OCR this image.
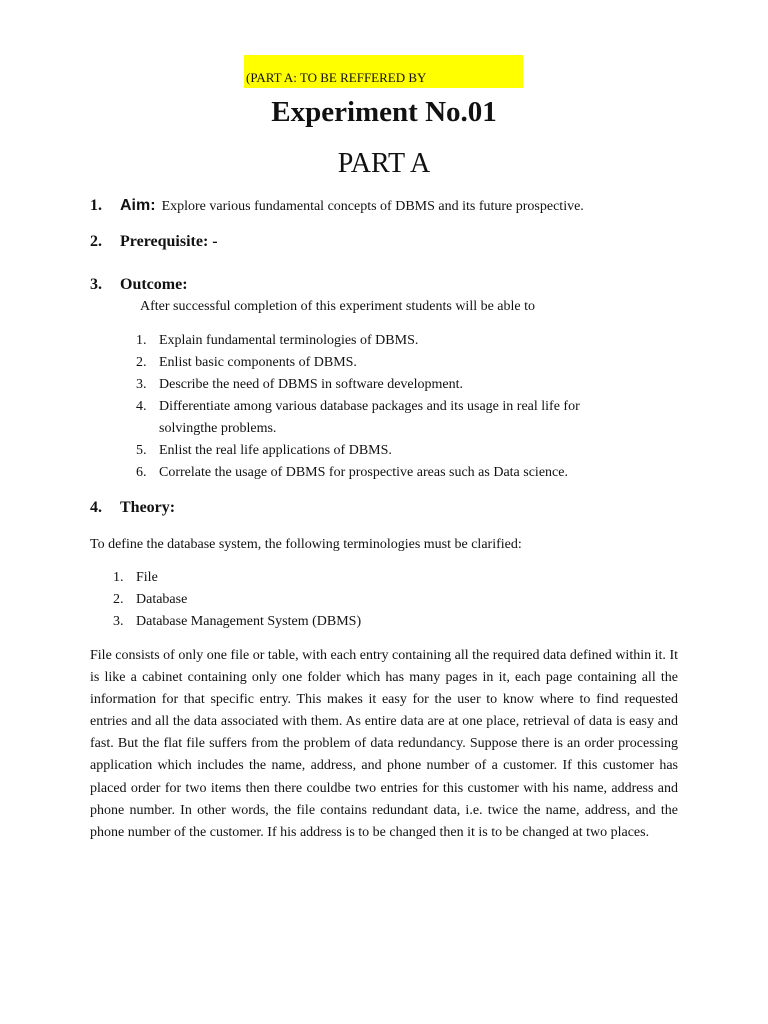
(PART A: TO BE REFFERED BY
Experiment No.01
PART A
1. Aim: Explore various fundamental concepts of DBMS and its future prospective.
2. Prerequisite: -
3. Outcome:
After successful completion of this experiment students will be able to
1. Explain fundamental terminologies of DBMS.
2. Enlist basic components of DBMS.
3. Describe the need of DBMS in software development.
4. Differentiate among various database packages and its usage in real life for
solvingthe problems.
5. Enlist the real life applications of DBMS.
6. Correlate the usage of DBMS for prospective areas such as Data science.
4. Theory:
To define the database system, the following terminologies must be clarified:
1. File
2. Database
3. Database Management System (DBMS)

File consists of only one file or table, with each entry containing all the required data defined within it. It is like a cabinet containing only one folder which has many pages in it, each page containing all the information for that specific entry. This makes it easy for the user to know where to find requested entries and all the data associated with them. As entire data are at one place, retrieval of data is easy and fast. But the flat file suffers from the problem of data redundancy. Suppose there is an order processing application which includes the name, address, and phone number of a customer. If this customer has placed order for two items then there couldbe two entries for this customer with his name, address and phone number. In other words, the file contains redundant data, i.e. twice the name, address, and the phone number of the customer. If his address is to be changed then it is to be changed at two places.
